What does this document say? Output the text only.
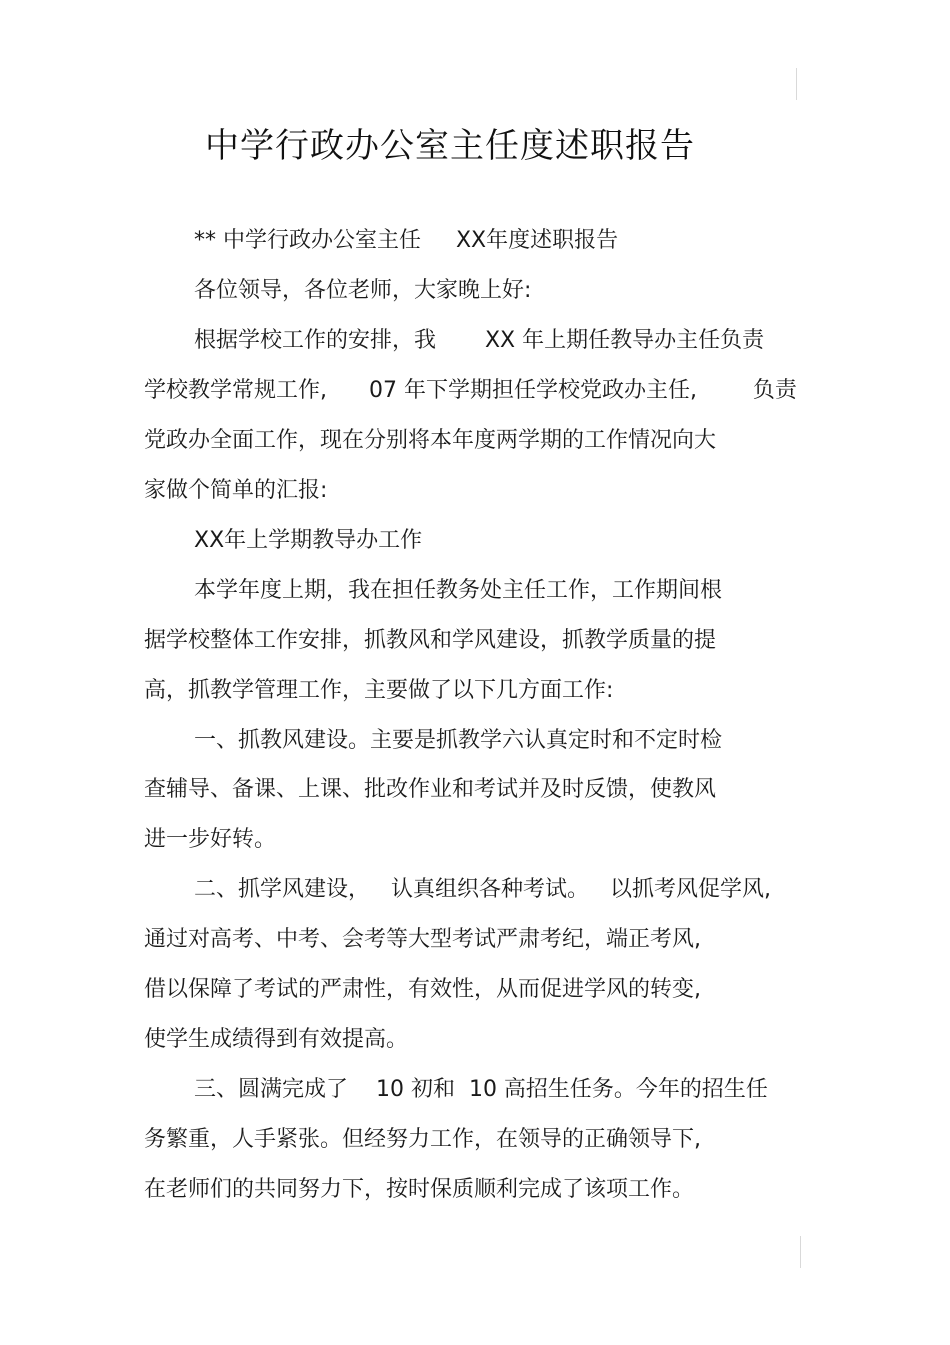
中学行政办公室主任度述职报告

** 中学行政办公室主任     XX年度述职报告

各位领导，各位老师，大家晚上好:

根据学校工作的安排，我       XX 年上期任教导办主任负责

学校教学常规工作,      07 年下学期担任学校党政办主任,        负责

党政办全面工作，现在分别将本年度两学期的工作情况向大

家做个简单的汇报:

XX年上学期教导办工作

本学年度上期，我在担任教务处主任工作，工作期间根

据学校整体工作安排，抓教风和学风建设，抓教学质量的提

高，抓教学管理工作，主要做了以下几方面工作:

一、抓教风建设。主要是抓教学六认真定时和不定时检

查辅导、备课、上课、批改作业和考试并及时反馈，使教风

进一步好转。

二、抓学风建设，   认真组织各种考试。   以抓考风促学风,

通过对高考、中考、会考等大型考试严肃考纪，端正考风,

借以保障了考试的严肃性，有效性，从而促进学风的转变,

使学生成绩得到有效提高。

三、圆满完成了    10 初和  10 高招生任务。今年的招生任

务繁重，人手紧张。但经努力工作，在领导的正确领导下,

在老师们的共同努力下，按时保质顺利完成了该项工作。
